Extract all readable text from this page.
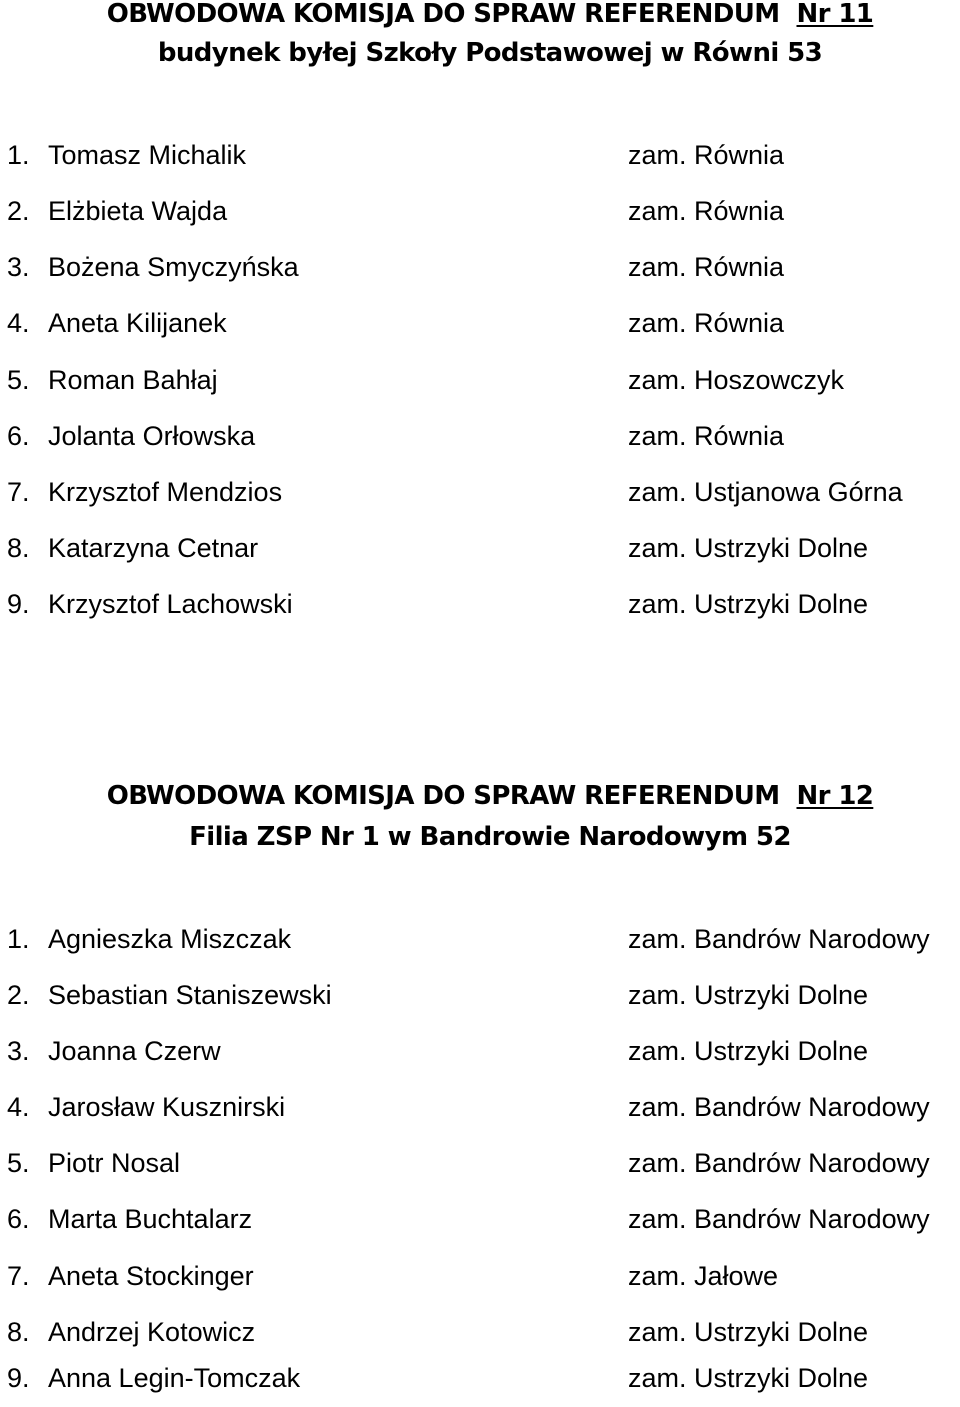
OBWODOWA KOMISJA DO SPRAW REFERENDUM Nr 11
budynek byłej Szkoły Podstawowej w Równi 53
1. Tomasz Michalik	zam. Równia
2. Elżbieta Wajda	zam. Równia
3. Bożena Smyczyńska	zam. Równia
4. Aneta Kilijanek	zam. Równia
5. Roman Bahłaj	zam. Hoszowczyk
6. Jolanta Orłowska	zam. Równia
7. Krzysztof Mendzios	zam. Ustjanowa Górna
8. Katarzyna Cetnar	zam. Ustrzyki Dolne
9. Krzysztof Lachowski	zam. Ustrzyki Dolne
OBWODOWA KOMISJA DO SPRAW REFERENDUM Nr 12
Filia ZSP Nr 1 w Bandrowie Narodowym 52
1. Agnieszka Miszczak	zam. Bandrów Narodowy
2. Sebastian Staniszewski	zam. Ustrzyki Dolne
3. Joanna Czerw	zam. Ustrzyki Dolne
4. Jarosław Kusznirski	zam. Bandrów Narodowy
5. Piotr Nosal	zam. Bandrów Narodowy
6. Marta Buchtalarz	zam. Bandrów Narodowy
7. Aneta Stockinger	zam. Jałowe
8. Andrzej Kotowicz	zam. Ustrzyki Dolne
9. Anna Legin-Tomczak	zam. Ustrzyki Dolne
